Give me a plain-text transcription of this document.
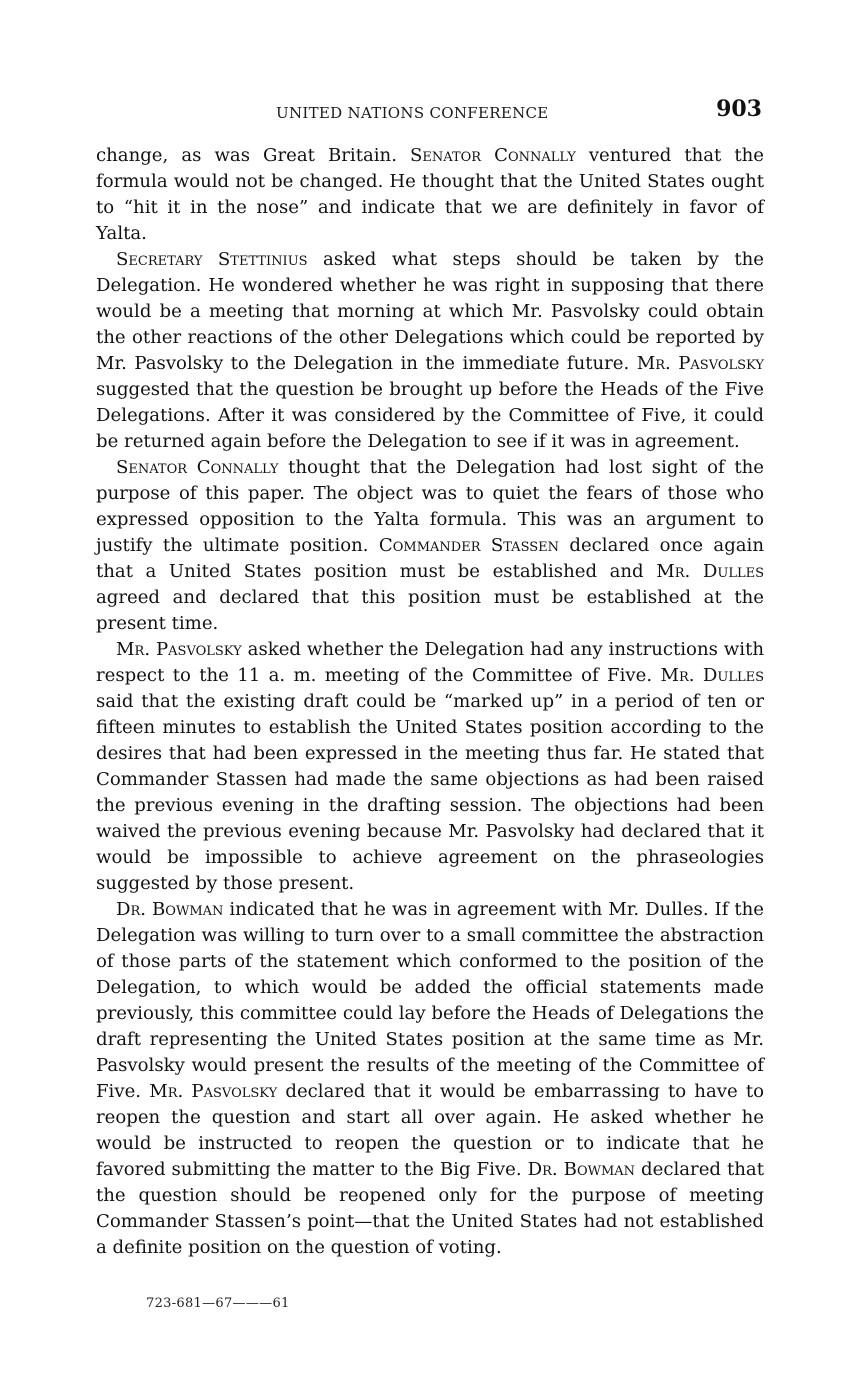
UNITED NATIONS CONFERENCE	903

change, as was Great Britain. Senator Connally ventured that the formula would not be changed. He thought that the United States ought to “hit it in the nose” and indicate that we are definitely in favor of Yalta.

Secretary Stettinius asked what steps should be taken by the Delegation. He wondered whether he was right in supposing that there would be a meeting that morning at which Mr. Pasvolsky could obtain the other reactions of the other Delegations which could be reported by Mr. Pasvolsky to the Delegation in the immediate future. Mr. Pasvolsky suggested that the question be brought up before the Heads of the Five Delegations. After it was considered by the Committee of Five, it could be returned again before the Delegation to see if it was in agreement.

Senator Connally thought that the Delegation had lost sight of the purpose of this paper. The object was to quiet the fears of those who expressed opposition to the Yalta formula. This was an argument to justify the ultimate position. Commander Stassen declared once again that a United States position must be established and Mr. Dulles agreed and declared that this position must be established at the present time.

Mr. Pasvolsky asked whether the Delegation had any instructions with respect to the 11 a. m. meeting of the Committee of Five. Mr. Dulles said that the existing draft could be “marked up” in a period of ten or fifteen minutes to establish the United States position according to the desires that had been expressed in the meeting thus far. He stated that Commander Stassen had made the same objections as had been raised the previous evening in the drafting session. The objections had been waived the previous evening because Mr. Pasvolsky had declared that it would be impossible to achieve agreement on the phraseologies suggested by those present.

Dr. Bowman indicated that he was in agreement with Mr. Dulles. If the Delegation was willing to turn over to a small committee the abstraction of those parts of the statement which conformed to the position of the Delegation, to which would be added the official statements made previously, this committee could lay before the Heads of Delegations the draft representing the United States position at the same time as Mr. Pasvolsky would present the results of the meeting of the Committee of Five. Mr. Pasvolsky declared that it would be embarrassing to have to reopen the question and start all over again. He asked whether he would be instructed to reopen the question or to indicate that he favored submitting the matter to the Big Five. Dr. Bowman declared that the question should be reopened only for the purpose of meeting Commander Stassen’s point—that the United States had not established a definite position on the question of voting.

723-681—67———61
